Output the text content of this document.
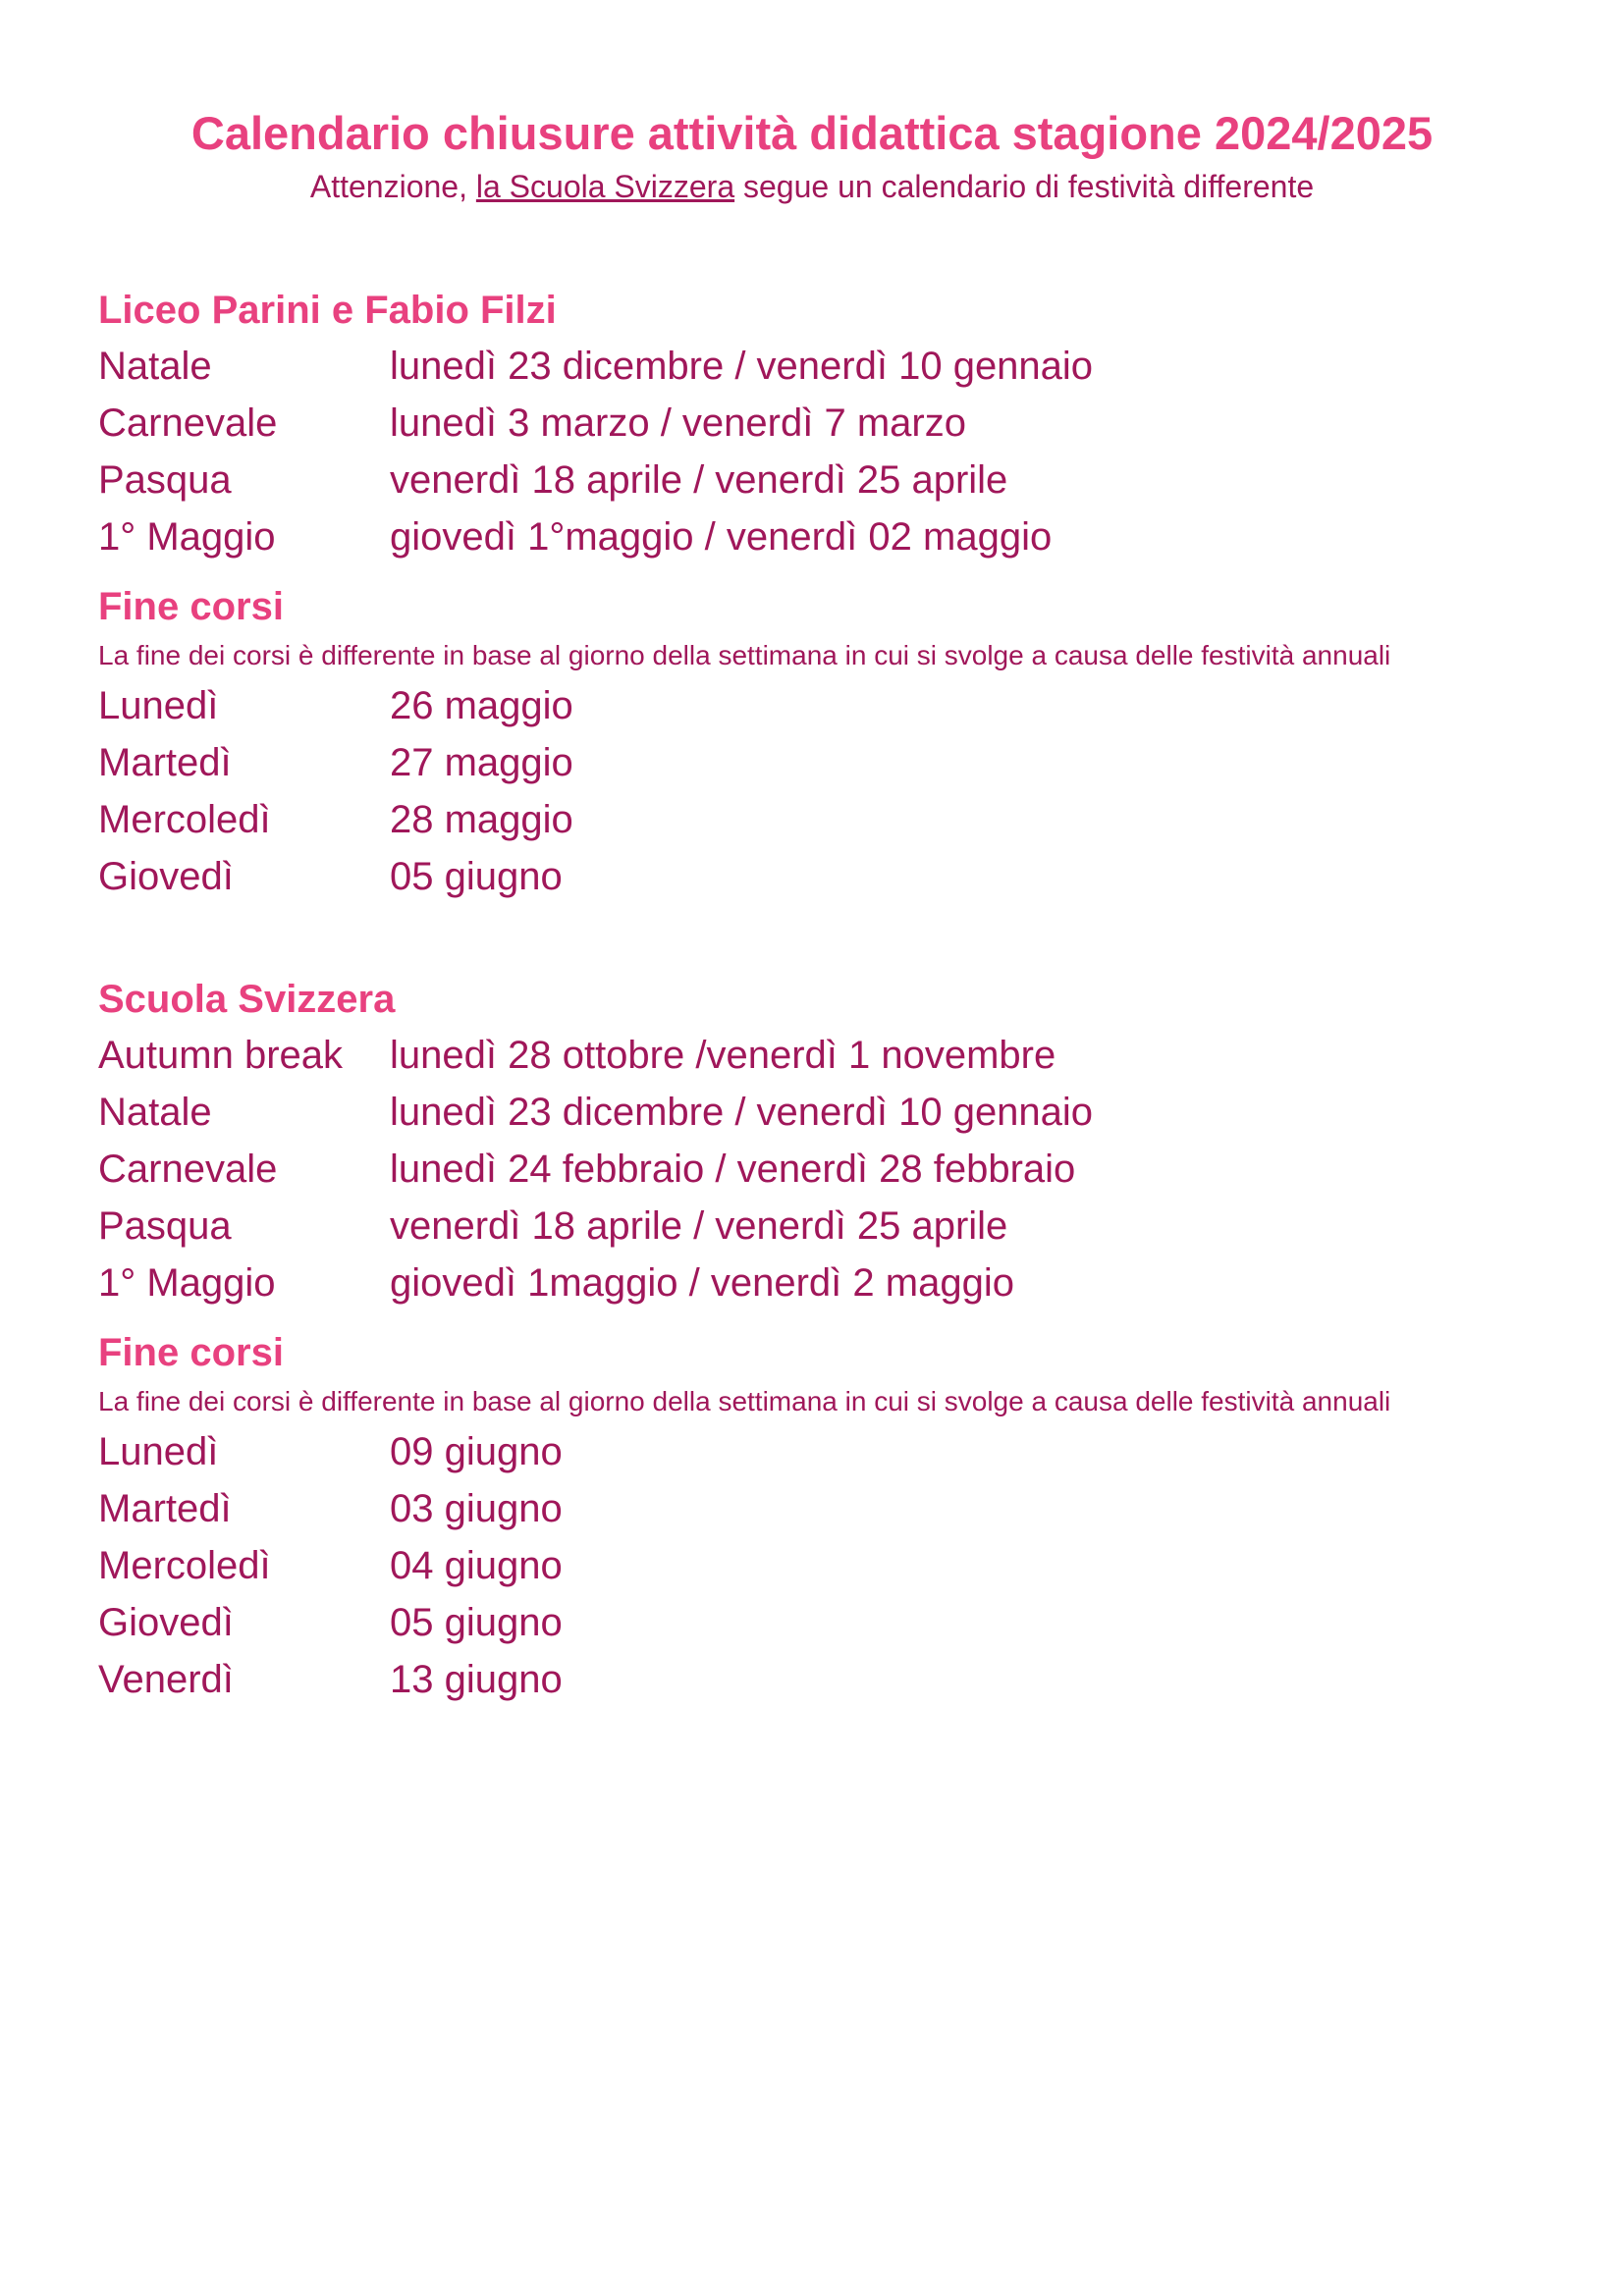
Calendario chiusure attività didattica stagione 2024/2025
Attenzione, la Scuola Svizzera segue un calendario di festività differente
Liceo Parini e Fabio Filzi
Natale	lunedì 23 dicembre / venerdì 10 gennaio
Carnevale	lunedì 3 marzo / venerdì 7 marzo
Pasqua	venerdì 18 aprile / venerdì 25 aprile
1° Maggio	giovedì 1°maggio / venerdì 02 maggio
Fine corsi
La fine dei corsi è differente in base al giorno della settimana in cui si svolge a causa delle festività annuali
Lunedì	26 maggio
Martedì	27 maggio
Mercoledì	28 maggio
Giovedì	05 giugno
Scuola Svizzera
Autumn break	lunedì 28 ottobre /venerdì 1 novembre
Natale	lunedì 23 dicembre / venerdì 10 gennaio
Carnevale	lunedì 24 febbraio / venerdì 28 febbraio
Pasqua	venerdì 18 aprile / venerdì 25 aprile
1° Maggio	giovedì 1maggio / venerdì 2 maggio
Fine corsi
La fine dei corsi è differente in base al giorno della settimana in cui si svolge a causa delle festività annuali
Lunedì	09 giugno
Martedì	03 giugno
Mercoledì	04 giugno
Giovedì	05 giugno
Venerdì	13 giugno
